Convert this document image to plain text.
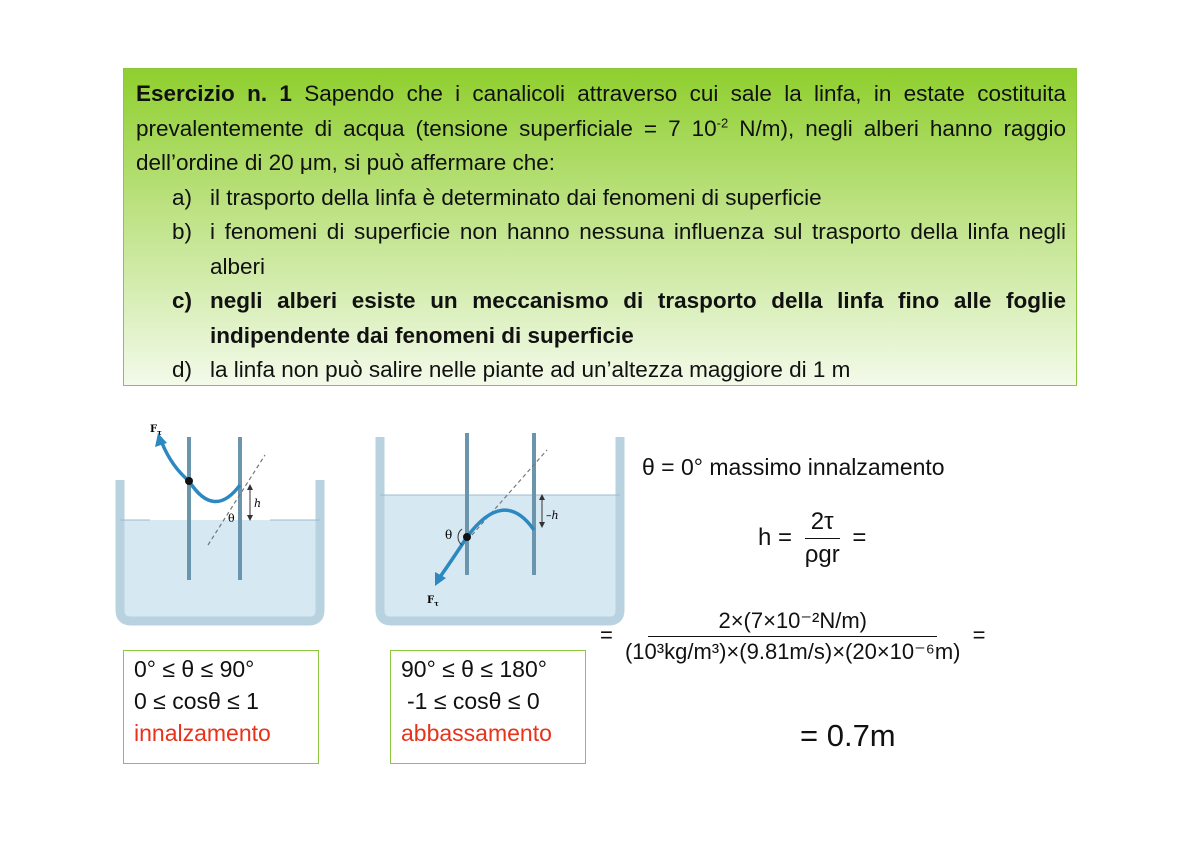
Esercizio n. 1 Sapendo che i canalicoli attraverso cui sale la linfa, in estate costituita prevalentemente di acqua (tensione superficiale = 7 $10^{-2}$ N/m), negli alberi hanno raggio dell’ordine di 20 μm, si può affermare che:

a) il trasporto della linfa è determinato dai fenomeni di superficie
b) i fenomeni di superficie non hanno nessuna influenza sul trasporto della linfa negli alberi
c) negli alberi esiste un meccanismo di trasporto della linfa fino alle foglie indipendente dai fenomeni di superficie
d) la linfa non può salire nelle piante ad un’altezza maggiore di 1 m
h
θ
$F_\tau$
–h
θ
$F_\tau$
0° ≤ θ ≤ 90°
0 ≤ cosθ ≤ 1
innalzamento
90° ≤ θ ≤ 180°
-1 ≤ cosθ ≤ 0
abbassamento
θ = 0° massimo innalzamento
$h = \frac{2\tau}{\text{ρgr}}$ =
= $\frac{\text{2×(7×10⁻²N/m)}}{\text{(10³kg/m³)×(9.81m/s)×(20×10⁻⁶m)}}$ =
= 0.7m
